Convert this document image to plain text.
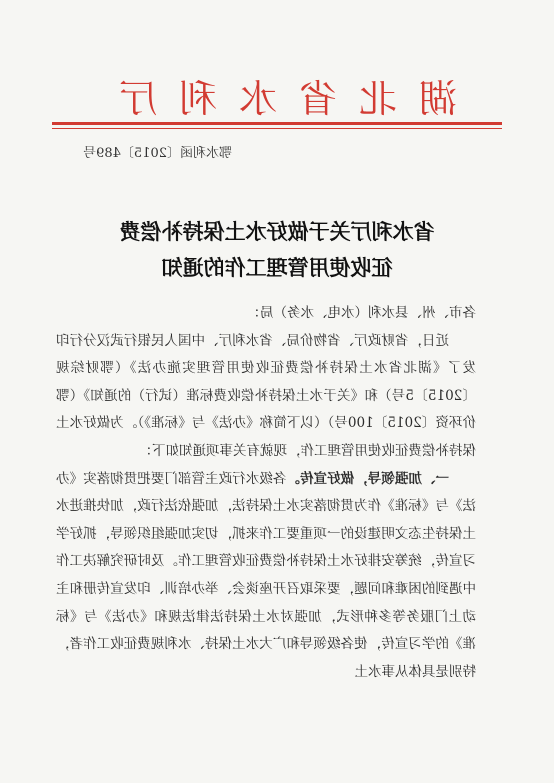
湖北省水利厅
鄂水利函〔2015〕489号
省水利厅关于做好水土保持补偿费
征收使用管理工作的通知

各市、州、县水利（水电、水务）局：

近日，省财政厅、省物价局、省水利厅、中国人民银行武汉分行印发了《湖北省水土保持补偿费征收使用管理实施办法》（鄂财综规〔2015〕5号）和《关于水土保持补偿收费标准（试行）的通知》（鄂价环资〔2015〕100号）（以下简称《办法》与《标准》）。为做好水土保持补偿费征收使用管理工作，现就有关事项通知如下：

一、加强领导，做好宣传。各级水行政主管部门要把贯彻落实《办法》与《标准》作为贯彻落实水土保持法，加强依法行政，加快推进水土保持生态文明建设的一项重要工作来抓，切实加强组织领导，抓好学习宣传，统筹安排好水土保持补偿费征收管理工作。及时研究解决工作中遇到的困难和问题，要采取召开座谈会、举办培训、印发宣传册和主动上门服务等多种形式，加强对水土保持法律法规和《办法》与《标准》的学习宣传，使各级领导和广大水土保持、水利规费征收工作者，特别是具体从事水土
